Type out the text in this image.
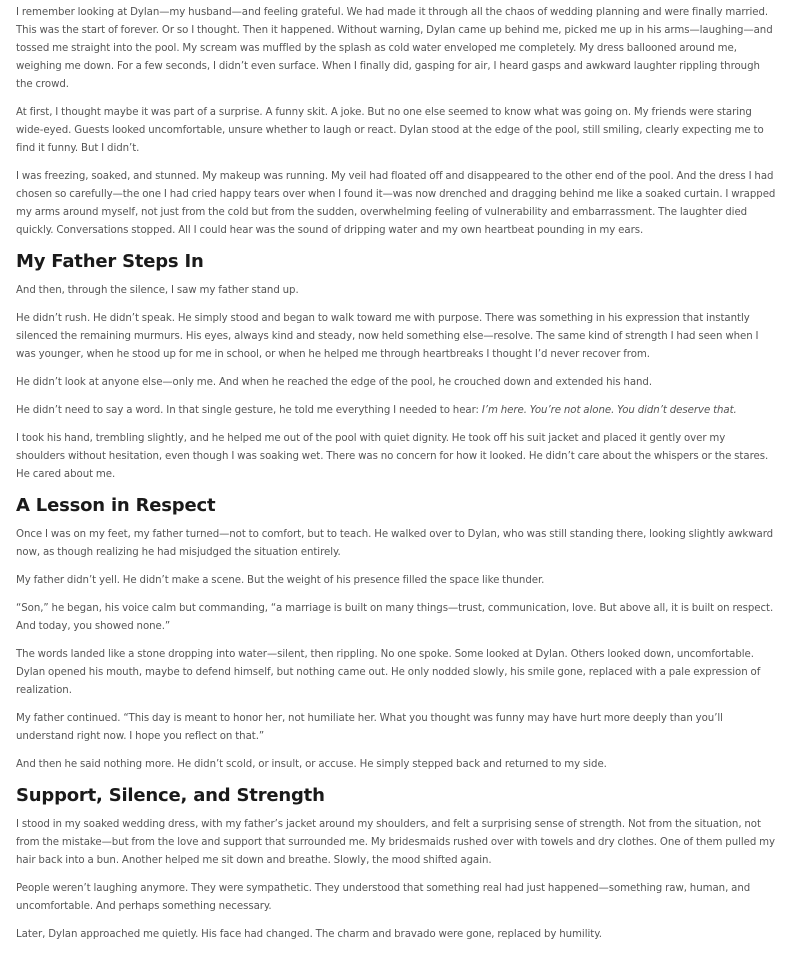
I remember looking at Dylan—my husband—and feeling grateful. We had made it through all the chaos of wedding planning and were finally married. This was the start of forever. Or so I thought. Then it happened. Without warning, Dylan came up behind me, picked me up in his arms—laughing—and tossed me straight into the pool. My scream was muffled by the splash as cold water enveloped me completely. My dress ballooned around me, weighing me down. For a few seconds, I didn’t even surface. When I finally did, gasping for air, I heard gasps and awkward laughter rippling through the crowd.

At first, I thought maybe it was part of a surprise. A funny skit. A joke. But no one else seemed to know what was going on. My friends were staring wide-eyed. Guests looked uncomfortable, unsure whether to laugh or react. Dylan stood at the edge of the pool, still smiling, clearly expecting me to find it funny. But I didn’t.

I was freezing, soaked, and stunned. My makeup was running. My veil had floated off and disappeared to the other end of the pool. And the dress I had chosen so carefully—the one I had cried happy tears over when I found it—was now drenched and dragging behind me like a soaked curtain. I wrapped my arms around myself, not just from the cold but from the sudden, overwhelming feeling of vulnerability and embarrassment. The laughter died quickly. Conversations stopped. All I could hear was the sound of dripping water and my own heartbeat pounding in my ears.

My Father Steps In

And then, through the silence, I saw my father stand up.

He didn’t rush. He didn’t speak. He simply stood and began to walk toward me with purpose. There was something in his expression that instantly silenced the remaining murmurs. His eyes, always kind and steady, now held something else—resolve. The same kind of strength I had seen when I was younger, when he stood up for me in school, or when he helped me through heartbreaks I thought I’d never recover from.

He didn’t look at anyone else—only me. And when he reached the edge of the pool, he crouched down and extended his hand.

He didn’t need to say a word. In that single gesture, he told me everything I needed to hear: I’m here. You’re not alone. You didn’t deserve that.

I took his hand, trembling slightly, and he helped me out of the pool with quiet dignity. He took off his suit jacket and placed it gently over my shoulders without hesitation, even though I was soaking wet. There was no concern for how it looked. He didn’t care about the whispers or the stares. He cared about me.

A Lesson in Respect

Once I was on my feet, my father turned—not to comfort, but to teach. He walked over to Dylan, who was still standing there, looking slightly awkward now, as though realizing he had misjudged the situation entirely.

My father didn’t yell. He didn’t make a scene. But the weight of his presence filled the space like thunder.

“Son,” he began, his voice calm but commanding, “a marriage is built on many things—trust, communication, love. But above all, it is built on respect. And today, you showed none.”

The words landed like a stone dropping into water—silent, then rippling. No one spoke. Some looked at Dylan. Others looked down, uncomfortable. Dylan opened his mouth, maybe to defend himself, but nothing came out. He only nodded slowly, his smile gone, replaced with a pale expression of realization.

My father continued. “This day is meant to honor her, not humiliate her. What you thought was funny may have hurt more deeply than you’ll understand right now. I hope you reflect on that.”

And then he said nothing more. He didn’t scold, or insult, or accuse. He simply stepped back and returned to my side.

Support, Silence, and Strength

I stood in my soaked wedding dress, with my father’s jacket around my shoulders, and felt a surprising sense of strength. Not from the situation, not from the mistake—but from the love and support that surrounded me. My bridesmaids rushed over with towels and dry clothes. One of them pulled my hair back into a bun. Another helped me sit down and breathe. Slowly, the mood shifted again.

People weren’t laughing anymore. They were sympathetic. They understood that something real had just happened—something raw, human, and uncomfortable. And perhaps something necessary.

Later, Dylan approached me quietly. His face had changed. The charm and bravado were gone, replaced by humility.
